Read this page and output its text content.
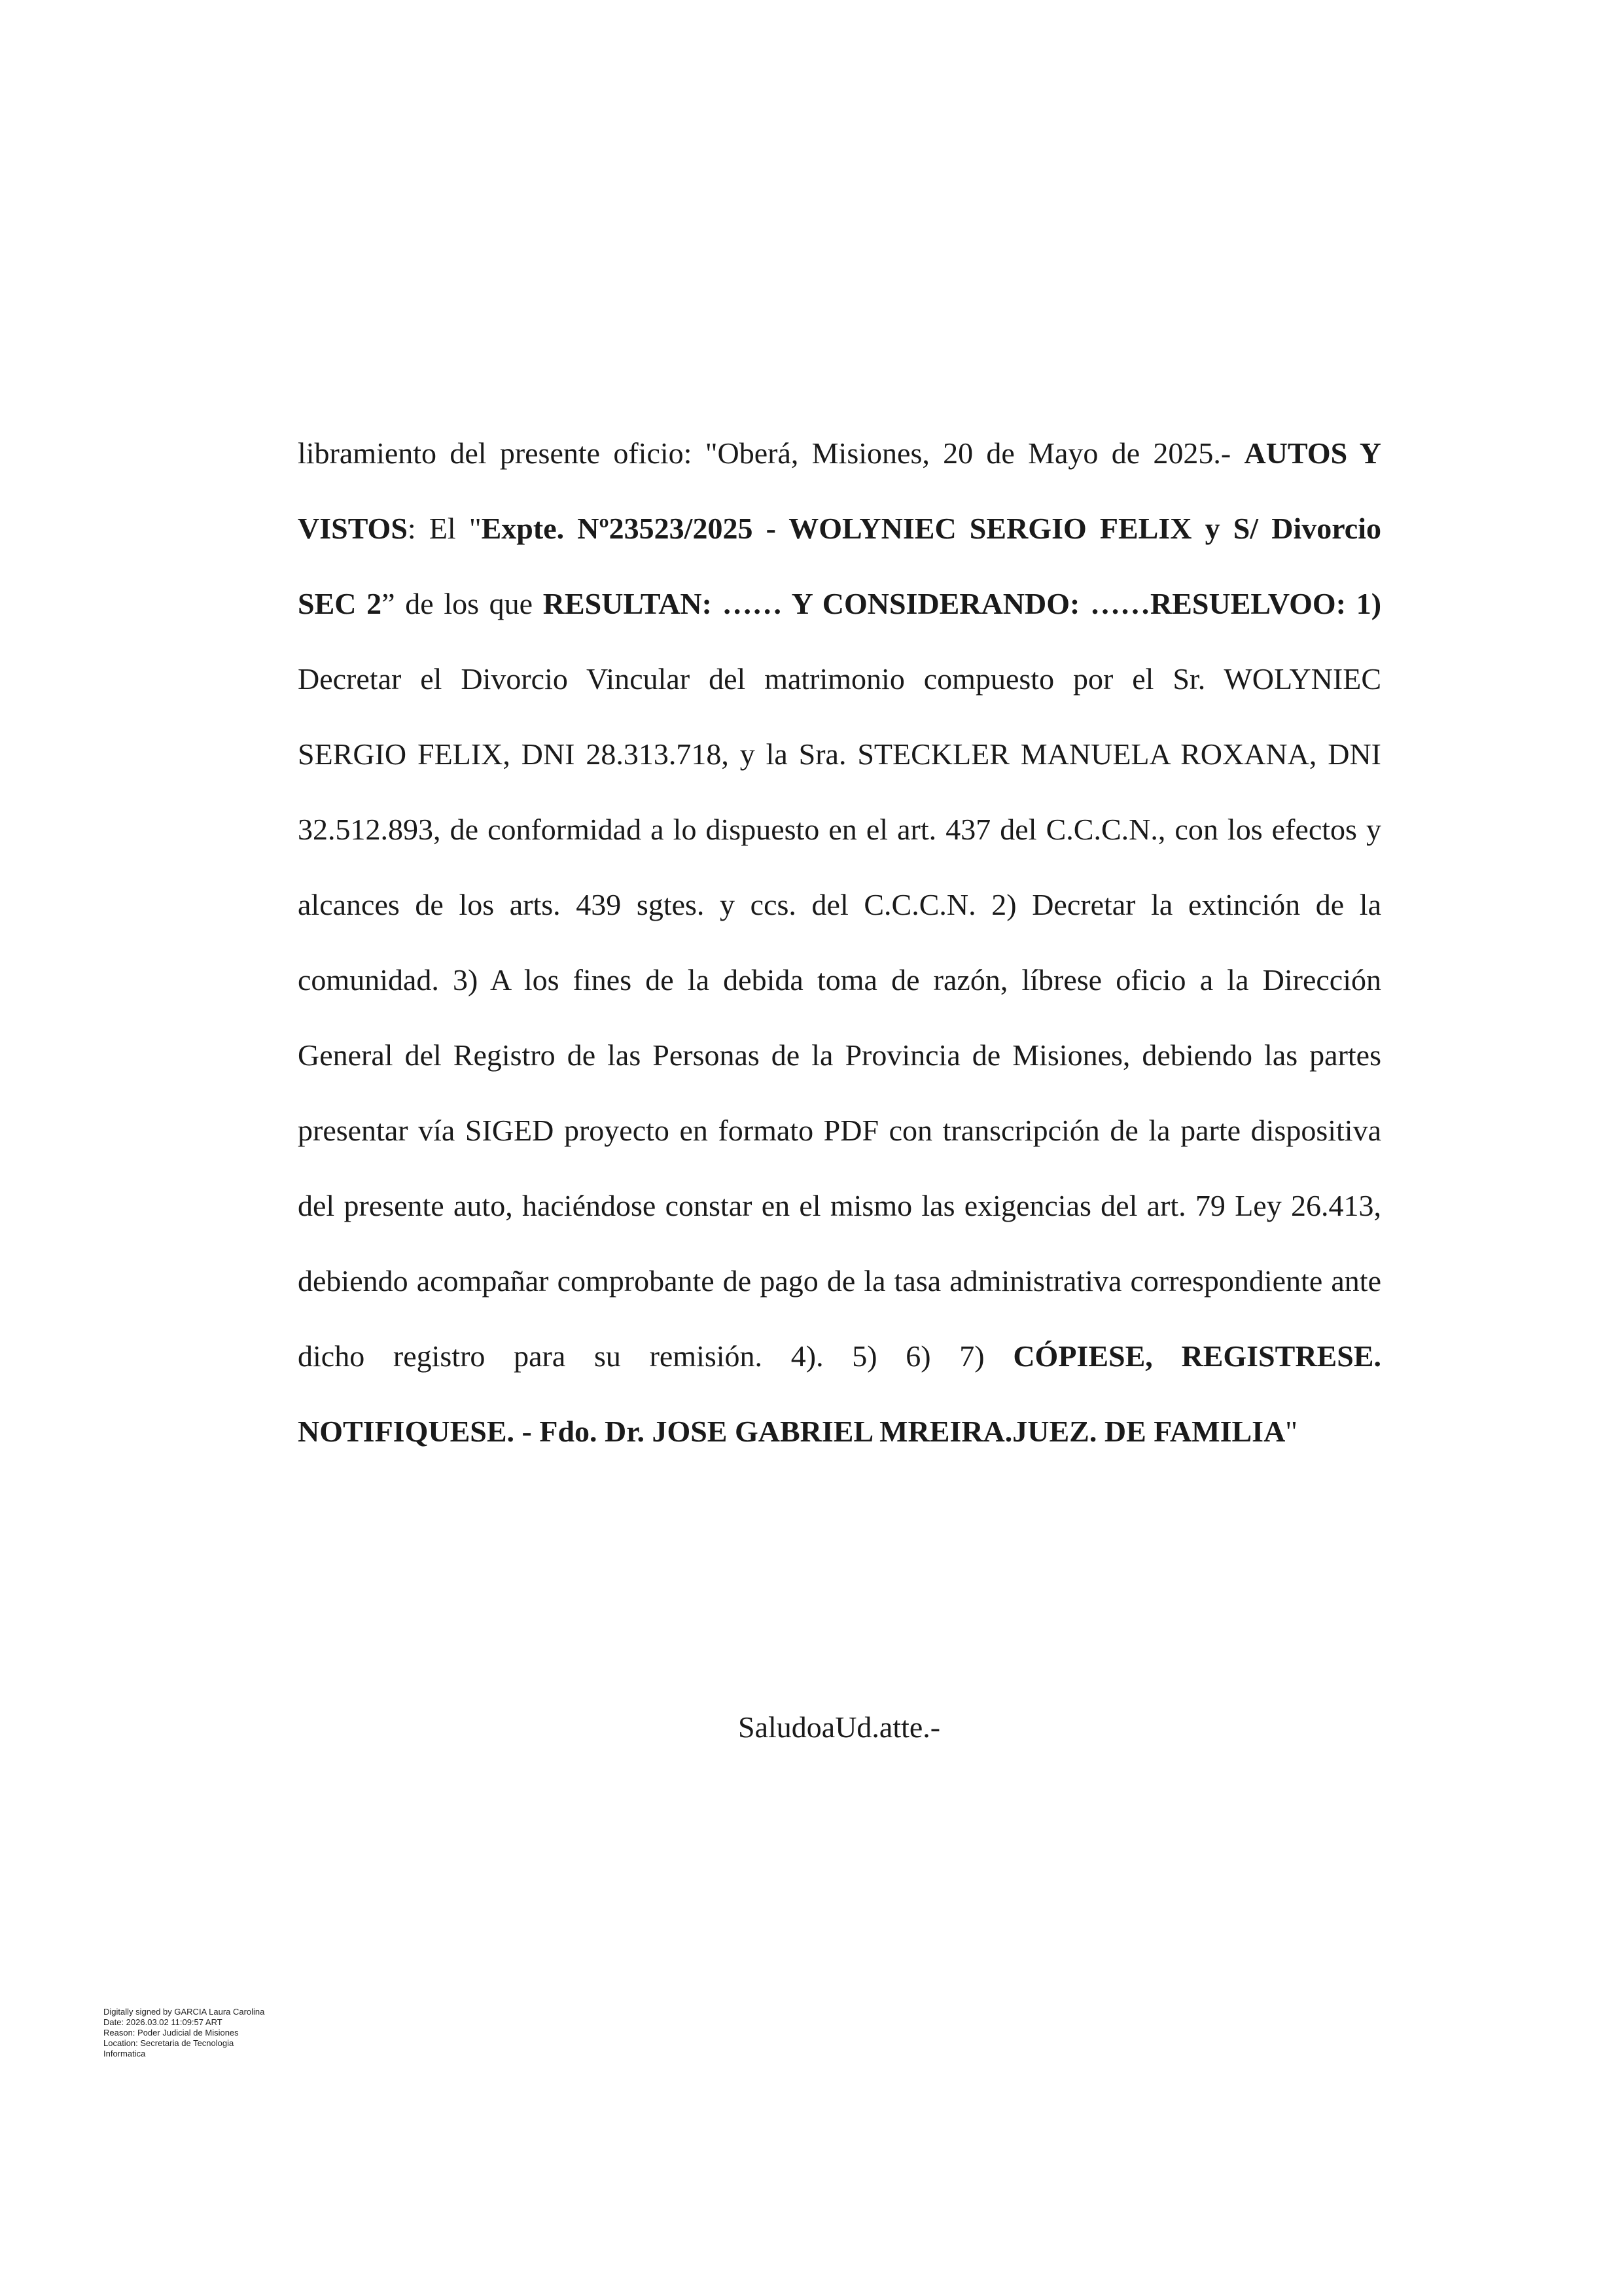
libramiento del presente oficio: "Oberá, Misiones, 20 de Mayo de 2025.- AUTOS Y VISTOS: El "Expte. Nº23523/2025 - WOLYNIEC SERGIO FELIX y S/ Divorcio SEC 2” de los que RESULTAN: …… Y CONSIDERANDO: ……RESUELVOO: 1) Decretar el Divorcio Vincular del matrimonio compuesto por el Sr. WOLYNIEC SERGIO FELIX, DNI 28.313.718, y la Sra. STECKLER MANUELA ROXANA, DNI 32.512.893, de conformidad a lo dispuesto en el art. 437 del C.C.C.N., con los efectos y alcances de los arts. 439 sgtes. y ccs. del C.C.C.N. 2) Decretar la extinción de la comunidad. 3) A los fines de la debida toma de razón, líbrese oficio a la Dirección General del Registro de las Personas de la Provincia de Misiones, debiendo las partes presentar vía SIGED proyecto en formato PDF con transcripción de la parte dispositiva del presente auto, haciéndose constar en el mismo las exigencias del art. 79 Ley 26.413, debiendo acompañar comprobante de pago de la tasa administrativa correspondiente ante dicho registro para su remisión. 4). 5) 6) 7) CÓPIESE, REGISTRESE. NOTIFIQUESE. - Fdo. Dr. JOSE GABRIEL MREIRA.JUEZ. DE FAMILIA"

SaludoaUd.atte.-

Digitally signed by GARCIA Laura Carolina
Date: 2026.03.02 11:09:57 ART
Reason: Poder Judicial de Misiones
Location: Secretaria de Tecnologia
Informatica
